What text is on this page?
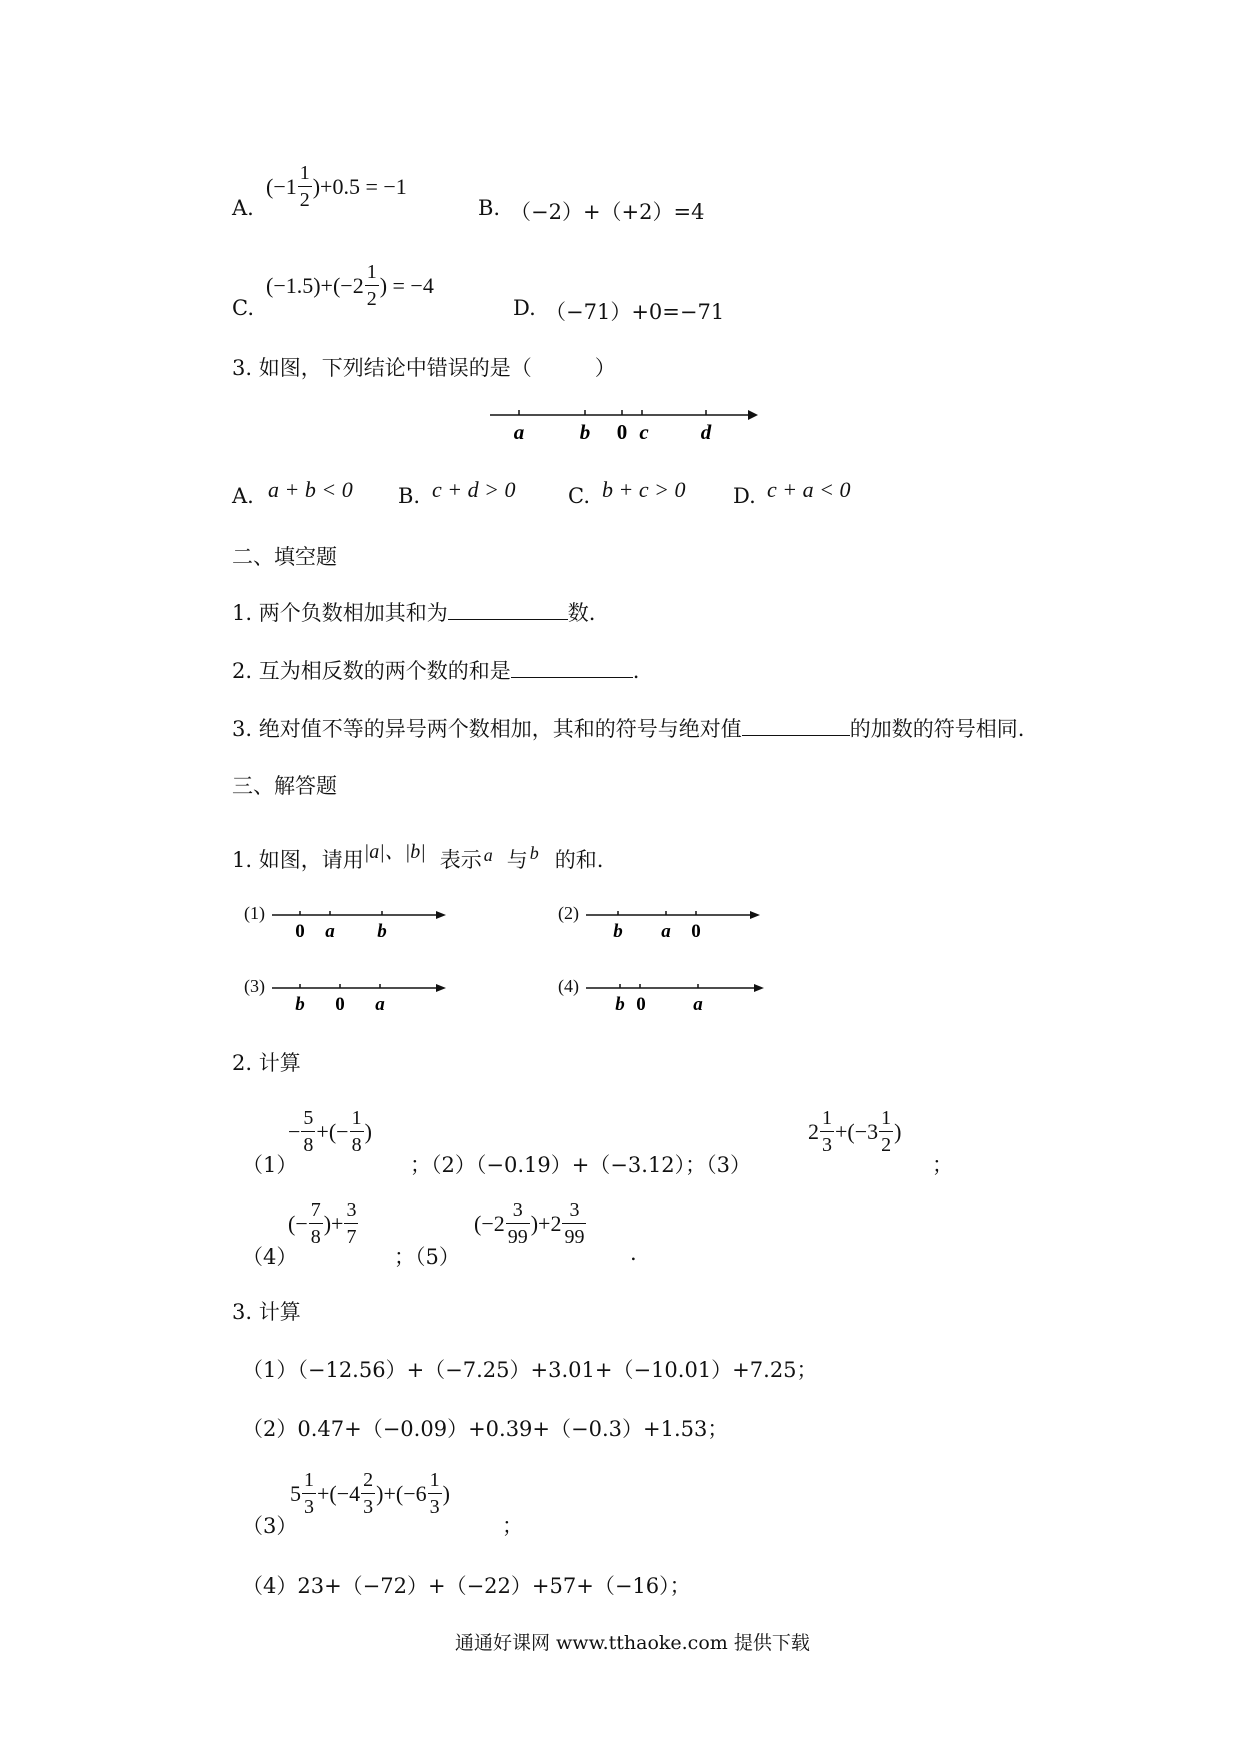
A.
$(-1 \frac{1}{2} )+0.5 = -1$
B. （−2）+（+2）=4
C.
$(-1.5)+(-2 \frac{1}{2}$ ) = −4
D. （−71）+0=−71
3. 如图，下列结论中错误的是（　　　）
a	b 0 c d
A. a + b < 0 B. c + d > 0	C. b + c > 0 D. c + a < 0
二、填空题
1. 两个负数相加其和为	数.
2. 互为相反数的两个数的和是	.
3. 绝对值不等的异号两个数相加，其和的符号与绝对值	的加数的符号相同.
三、解答题
1. 如图，请用 |a|、|b| 表示 a 与 b 的和.
(1)
0 a b
(2)
b a 0
(3)
b 0 a
(4)
b 0	a
2. 计算
（1）
− $\frac{5}{8}$ +(− $\frac{1}{8}$ )
；（2）（−0.19）+（−3.12）；（3）
$2 \frac{1}{3} +(-3 \frac{1}{2}$ )
；
（4）
(− $\frac{7}{8}$ )+ $\frac{3}{7}$
；（5）
$(-2 \frac{3}{99} )+2 \frac{3}{99}$
.
3. 计算
（1）（−12.56）+（−7.25）+3.01+（−10.01）+7.25；
（2）0.47+（−0.09）+0.39+（−0.3）+1.53；
（3）
$5 \frac{1}{3} +(-4 \frac{2}{3} )+(-6 \frac{1}{3}$ )
；
（4）23+（−72）+（−22）+57+（−16）；
通通好课网 www.tthaoke.com 提供下载
